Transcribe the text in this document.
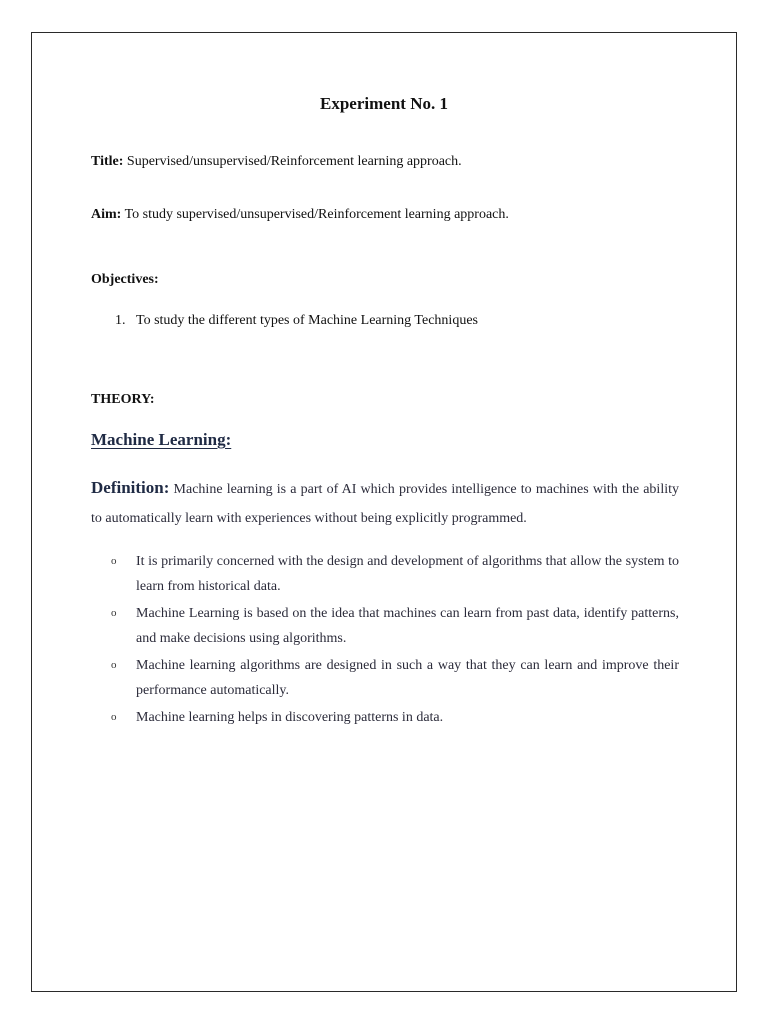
Experiment No. 1
Title: Supervised/unsupervised/Reinforcement learning approach.
Aim: To study supervised/unsupervised/Reinforcement learning approach.
Objectives:
1. To study the different types of Machine Learning Techniques
THEORY:
Machine Learning:
Definition: Machine learning is a part of AI which provides intelligence to machines with the ability to automatically learn with experiences without being explicitly programmed.
o It is primarily concerned with the design and development of algorithms that allow the system to learn from historical data.
o Machine Learning is based on the idea that machines can learn from past data, identify patterns, and make decisions using algorithms.
o Machine learning algorithms are designed in such a way that they can learn and improve their performance automatically.
o Machine learning helps in discovering patterns in data.
